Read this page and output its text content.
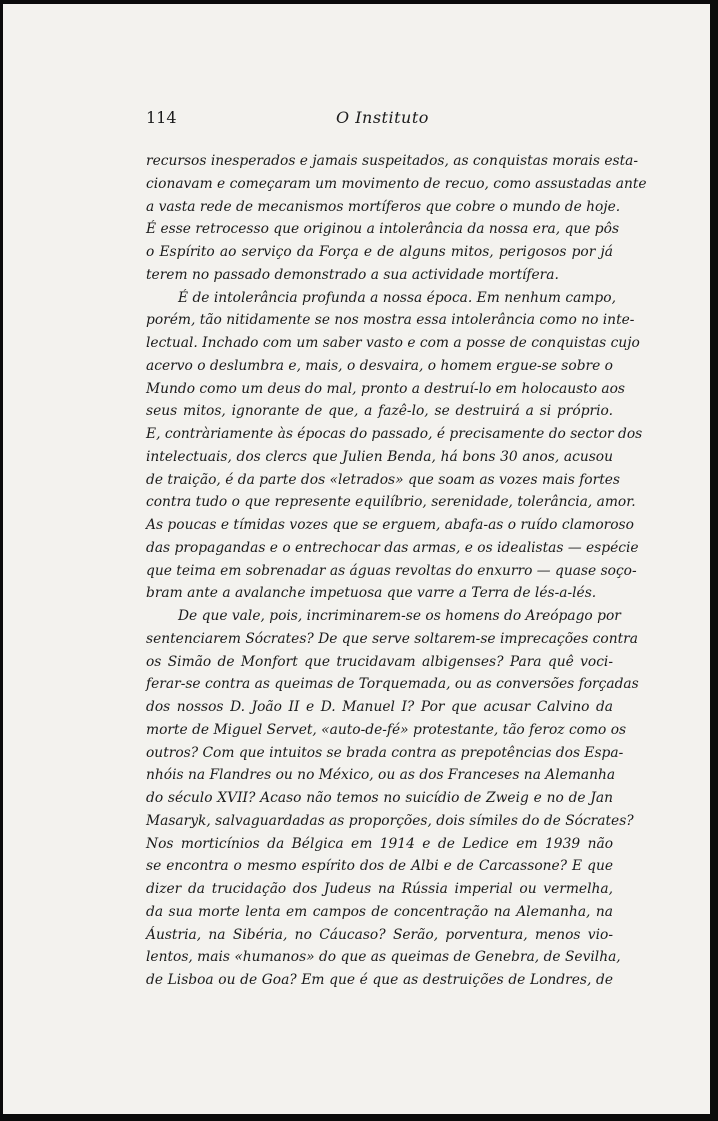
114	O Instituto
recursos inesperados e jamais suspeitados, as conquistas morais esta-
cionavam e começaram um movimento de recuo, como assustadas ante
a vasta rede de mecanismos mortíferos que cobre o mundo de hoje.
É esse retrocesso que originou a intolerância da nossa era, que pôs
o Espírito ao serviço da Força e de alguns mitos, perigosos por já
terem no passado demonstrado a sua actividade mortífera.
É de intolerância profunda a nossa época. Em nenhum campo,
porém, tão nitidamente se nos mostra essa intolerância como no inte-
lectual. Inchado com um saber vasto e com a posse de conquistas cujo
acervo o deslumbra e, mais, o desvaira, o homem ergue-se sobre o
Mundo como um deus do mal, pronto a destruí-lo em holocausto aos
seus mitos, ignorante de que, a fazê-lo, se destruirá a si próprio.
E, contràriamente às épocas do passado, é precisamente do sector dos
intelectuais, dos clercs que Julien Benda, há bons 30 anos, acusou
de traição, é da parte dos «letrados» que soam as vozes mais fortes
contra tudo o que represente equilíbrio, serenidade, tolerância, amor.
As poucas e tímidas vozes que se erguem, abafa-as o ruído clamoroso
das propagandas e o entrechocar das armas, e os idealistas — espécie
que teima em sobrenadar as águas revoltas do enxurro — quase soço-
bram ante a avalanche impetuosa que varre a Terra de lés-a-lés.
De que vale, pois, incriminarem-se os homens do Areópago por
sentenciarem Sócrates? De que serve soltarem-se imprecações contra
os Simão de Monfort que trucidavam albigenses? Para quê voci-
ferar-se contra as queimas de Torquemada, ou as conversões forçadas
dos nossos D. João II e D. Manuel I? Por que acusar Calvino da
morte de Miguel Servet, «auto-de-fé» protestante, tão feroz como os
outros? Com que intuitos se brada contra as prepotências dos Espa-
nhóis na Flandres ou no México, ou as dos Franceses na Alemanha
do século XVII? Acaso não temos no suicídio de Zweig e no de Jan
Masaryk, salvaguardadas as proporções, dois símiles do de Sócrates?
Nos morticínios da Bélgica em 1914 e de Ledice em 1939 não
se encontra o mesmo espírito dos de Albi e de Carcassone? E que
dizer da trucidação dos Judeus na Rússia imperial ou vermelha,
da sua morte lenta em campos de concentração na Alemanha, na
Áustria, na Sibéria, no Cáucaso? Serão, porventura, menos vio-
lentos, mais «humanos» do que as queimas de Genebra, de Sevilha,
de Lisboa ou de Goa? Em que é que as destruições de Londres, de
